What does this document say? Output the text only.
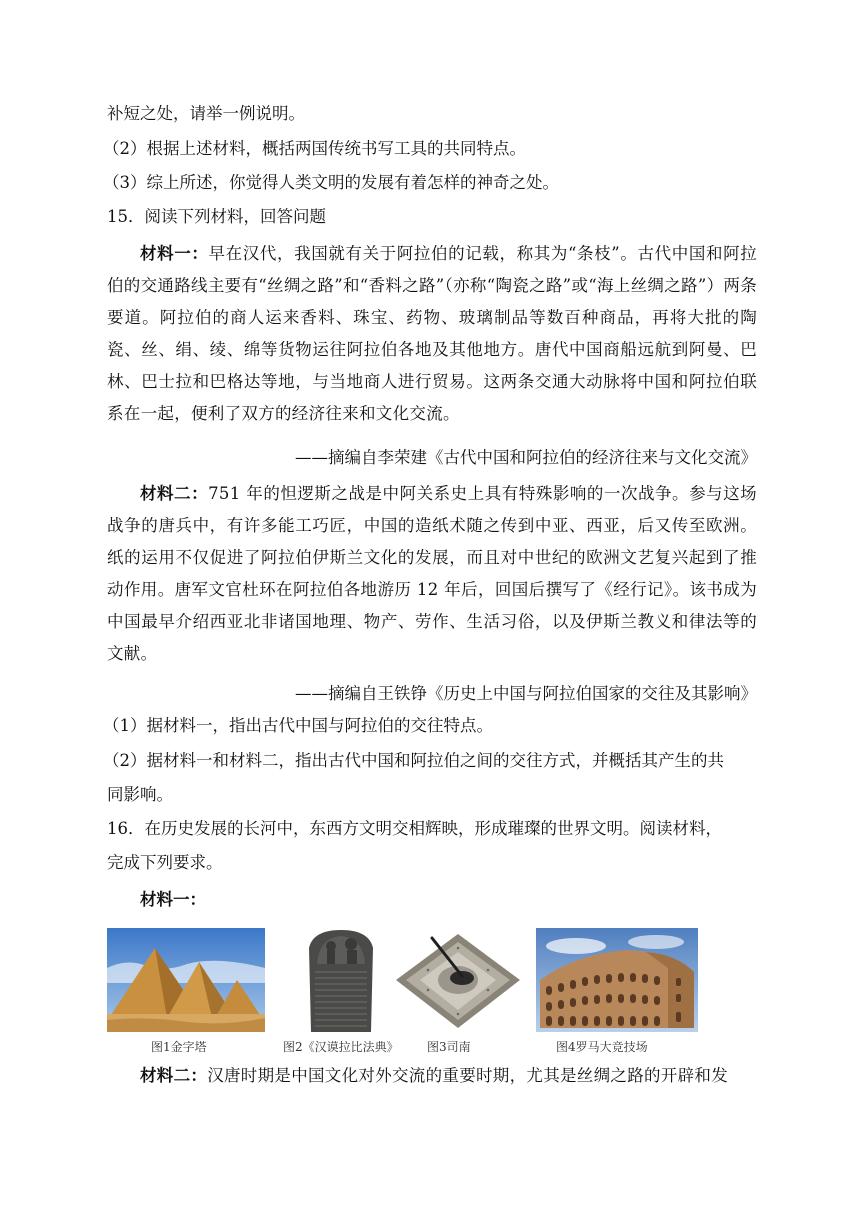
补短之处，请举一例说明。
（2）根据上述材料，概括两国传统书写工具的共同特点。
（3）综上所述，你觉得人类文明的发展有着怎样的神奇之处。
15．阅读下列材料，回答问题
材料一：早在汉代，我国就有关于阿拉伯的记载，称其为“条枝”。古代中国和阿拉伯的交通路线主要有“丝绸之路”和“香料之路”（亦称“陶瓷之路”或“海上丝绸之路”）两条要道。阿拉伯的商人运来香料、珠宝、药物、玻璃制品等数百种商品，再将大批的陶瓷、丝、绢、绫、绵等货物运往阿拉伯各地及其他地方。唐代中国商船远航到阿曼、巴林、巴士拉和巴格达等地，与当地商人进行贸易。这两条交通大动脉将中国和阿拉伯联系在一起，便利了双方的经济往来和文化交流。
——摘编自李荣建《古代中国和阿拉伯的经济往来与文化交流》
材料二：751 年的怛逻斯之战是中阿关系史上具有特殊影响的一次战争。参与这场战争的唐兵中，有许多能工巧匠，中国的造纸术随之传到中亚、西亚，后又传至欧洲。纸的运用不仅促进了阿拉伯伊斯兰文化的发展，而且对中世纪的欧洲文艺复兴起到了推动作用。唐军文官杜环在阿拉伯各地游历 12 年后，回国后撰写了《经行记》。该书成为中国最早介绍西亚北非诸国地理、物产、劳作、生活习俗，以及伊斯兰教义和律法等的文献。
——摘编自王铁铮《历史上中国与阿拉伯国家的交往及其影响》
（1）据材料一，指出古代中国与阿拉伯的交往特点。
（2）据材料一和材料二，指出古代中国和阿拉伯之间的交往方式，并概括其产生的共
同影响。
16．在历史发展的长河中，东西方文明交相辉映，形成璀璨的世界文明。阅读材料，
完成下列要求。
材料一：
图1金字塔	图2《汉谟拉比法典》 图3司南	图4罗马大竞技场
材料二：汉唐时期是中国文化对外交流的重要时期，尤其是丝绸之路的开辟和发
